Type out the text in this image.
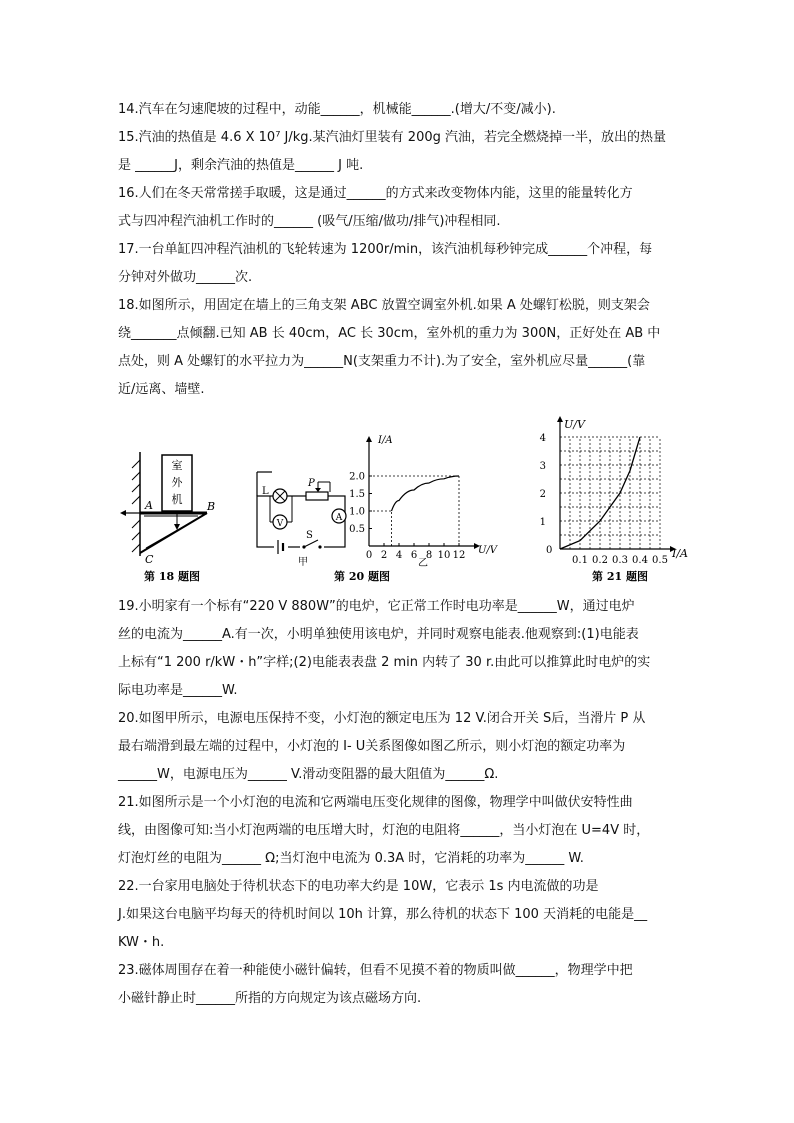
14.汽车在匀速爬坡的过程中，动能______，机械能______.(增大/不变/减小).
15.汽油的热值是 4.6 X 10⁷ J/kg.某汽油灯里装有 200g 汽油，若完全燃烧掉一半，放出的热量
是 ______J，剩余汽油的热值是______ J 吨.
16.人们在冬天常常搓手取暖，这是通过______的方式来改变物体内能，这里的能量转化方
式与四冲程汽油机工作时的______ (吸气/压缩/做功/排气)冲程相同.
17.一台单缸四冲程汽油机的飞轮转速为 1200r/min，该汽油机每秒钟完成______个冲程，每
分钟对外做功______次.
18.如图所示，用固定在墙上的三角支架 ABC 放置空调室外机.如果 A 处螺钉松脱，则支架会
绕_______点倾翻.已知 AB 长 40cm，AC 长 30cm，室外机的重力为 300N，正好处在 AB 中
点处，则 A 处螺钉的水平拉力为______N(支架重力不计).为了安全，室外机应尽量______(靠
近/远离、墙壁.
室
外
机
A	B
C
第 18 题图
L
P
V
A
S
甲
第 20 题图
I/A
U/V
0 2 4 6 8 10 12
0.5
1.0
1.5
2.0
乙
U/V
I/A
0
0.1 0.2 0.3 0.4 0.5
1
2
3
4
第 21 题图
19.小明家有一个标有“220 V 880W”的电炉，它正常工作时电功率是______W，通过电炉
丝的电流为______A.有一次，小明单独使用该电炉，并同时观察电能表.他观察到:(1)电能表
上标有“1 200 r/kW・h”字样;(2)电能表表盘 2 min 内转了 30 r.由此可以推算此时电炉的实
际电功率是______W.
20.如图甲所示，电源电压保持不变，小灯泡的额定电压为 12 V.闭合开关 S后，当滑片 P 从
最右端滑到最左端的过程中，小灯泡的 I- U关系图像如图乙所示，则小灯泡的额定功率为
______W，电源电压为______ V.滑动变阻器的最大阻值为______Ω.
21.如图所示是一个小灯泡的电流和它两端电压变化规律的图像，物理学中叫做伏安特性曲
线，由图像可知:当小灯泡两端的电压增大时，灯泡的电阻将______，当小灯泡在 U=4V 时，
灯泡灯丝的电阻为______ Ω;当灯泡中电流为 0.3A 时，它消耗的功率为______ W.
22.一台家用电脑处于待机状态下的电功率大约是 10W，它表示 1s 内电流做的功是
J.如果这台电脑平均每天的待机时间以 10h 计算，那么待机的状态下 100 天消耗的电能是__
KW・h.
23.磁体周围存在着一种能使小磁针偏转，但看不见摸不着的物质叫做______，物理学中把
小磁针静止时______所指的方向规定为该点磁场方向.
